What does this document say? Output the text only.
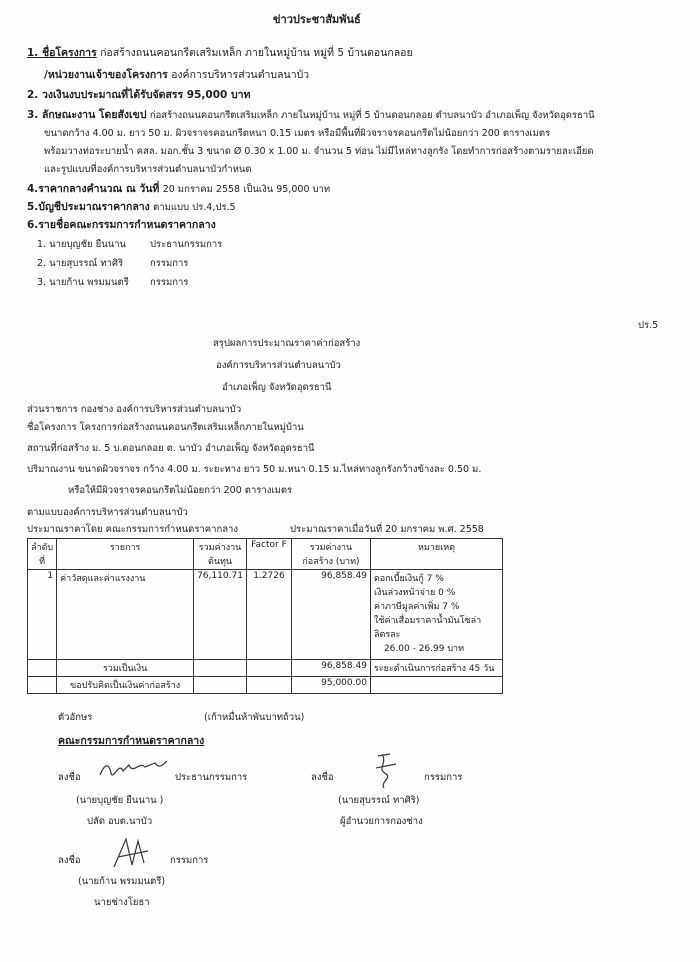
ข่าวประชาสัมพันธ์
1. ชื่อโครงการ ก่อสร้างถนนคอนกรีตเสริมเหล็ก ภายในหมู่บ้าน หมู่ที่ 5 บ้านดอนกลอย
/หน่วยงานเจ้าของโครงการ องค์การบริหารส่วนตำบลนาบัว
2. วงเงินงบประมาณที่ได้รับจัดสรร 95,000 บาท
3. ลักษณะงาน โดยสังเขป ก่อสร้างถนนคอนกรีตเสริมเหล็ก ภายในหมู่บ้าน หมู่ที่ 5 บ้านดอนกลอย ตำบลนาบัว อำเภอเพ็ญ จังหวัดอุดรธานี
ขนาดกว้าง 4.00 ม. ยาว 50 ม. ผิวจราจรคอนกรีตหนา 0.15 เมตร หรือมีพื้นที่ผิวจราจรคอนกรีตไม่น้อยกว่า 200 ตารางเมตร
พร้อมวางท่อระบายน้ำ คสล. มอก.ชั้น 3 ขนาด Ø 0.30 x 1.00 ม. จำนวน 5 ท่อน ไม่มีไหล่ทางลูกรัง โดยทำการก่อสร้างตามรายละเอียด
และรูปแบบที่องค์การบริหารส่วนตำบลนาบัวกำหนด
4.ราคากลางคำนวณ ณ วันที่ 20 มกราคม 2558 เป็นเงิน 95,000 บาท
5.บัญชีประมาณราคากลาง ตามแบบ ปร.4,ปร.5
6.รายชื่อคณะกรรมการกำหนดราคากลาง
1. นายบุญชัย ยืนนาน	ประธานกรรมการ
2. นายสุบรรณ์ ทาศิริ	กรรมการ
3. นายก้าน พรมมนตรี กรรมการ
ปร.5
สรุปผลการประมาณราคาค่าก่อสร้าง
องค์การบริหารส่วนตำบลนาบัว
อำเภอเพ็ญ จังหวัดอุดรธานี
ส่วนราชการ กองช่าง องค์การบริหารส่วนตำบลนาบัว
ชื่อโครงการ โครงการก่อสร้างถนนคอนกรีตเสริมเหล็กภายในหมู่บ้าน
สถานที่ก่อสร้าง ม. 5 บ.ดอนกลอย ต. นาบัว อำเภอเพ็ญ จังหวัดอุดรธานี
ปริมาณงาน ขนาดผิวจราจร กว้าง 4.00 ม. ระยะทาง ยาว 50 ม.หนา 0.15 ม.ไหล่ทางลูกรังกว้างข้างละ 0.50 ม.
หรือให้มีผิวจราจรคอนกรีตไม่น้อยกว่า 200 ตารางเมตร
ตามแบบองค์การบริหารส่วนตำบลนาบัว
ประมาณราคาโดย คณะกรรมการกำหนดราคากลาง	ประมาณราคาเมื่อวันที่ 20 มกราคม พ.ศ. 2558
ลำดับที่	รายการ	รวมค่างาน ต้นทุน	Factor F	รวมค่างานก่อสร้าง (บาท)	หมายเหตุ
1	ค่าวัสดุและค่าแรงงาน	76,110.71	1.2726	96,858.49	ดอกเบี้ยเงินกู้ 7 %
เงินล่วงหน้าจ่าย 0 %
ค่าภาษีมูลค่าเพิ่ม 7 %
ใช้ค่าเสื่อมราคาน้ำมันโซล่า ลิตรละ
26.00 - 26.99 บาท

	รวมเป็นเงิน			96,858.49	ระยะดำเนินการก่อสร้าง 45 วัน
	ขอปรับคิดเป็นเงินค่าก่อสร้าง			95,000.00	
ตัวอักษร	(เก้าหมื่นห้าพันบาทถ้วน)
คณะกรรมการกำหนดราคากลาง
ลงชื่อ	ประธานกรรมการ
(นายบุญชัย ยืนนาน )
ปลัด อบต.นาบัว
ลงชื่อ	กรรมการ
(นายสุบรรณ์ ทาศิริ)
ผู้อำนวยการกองช่าง
ลงชื่อ	กรรมการ
(นายก้าน พรมมนตรี)
นายช่างโยธา
